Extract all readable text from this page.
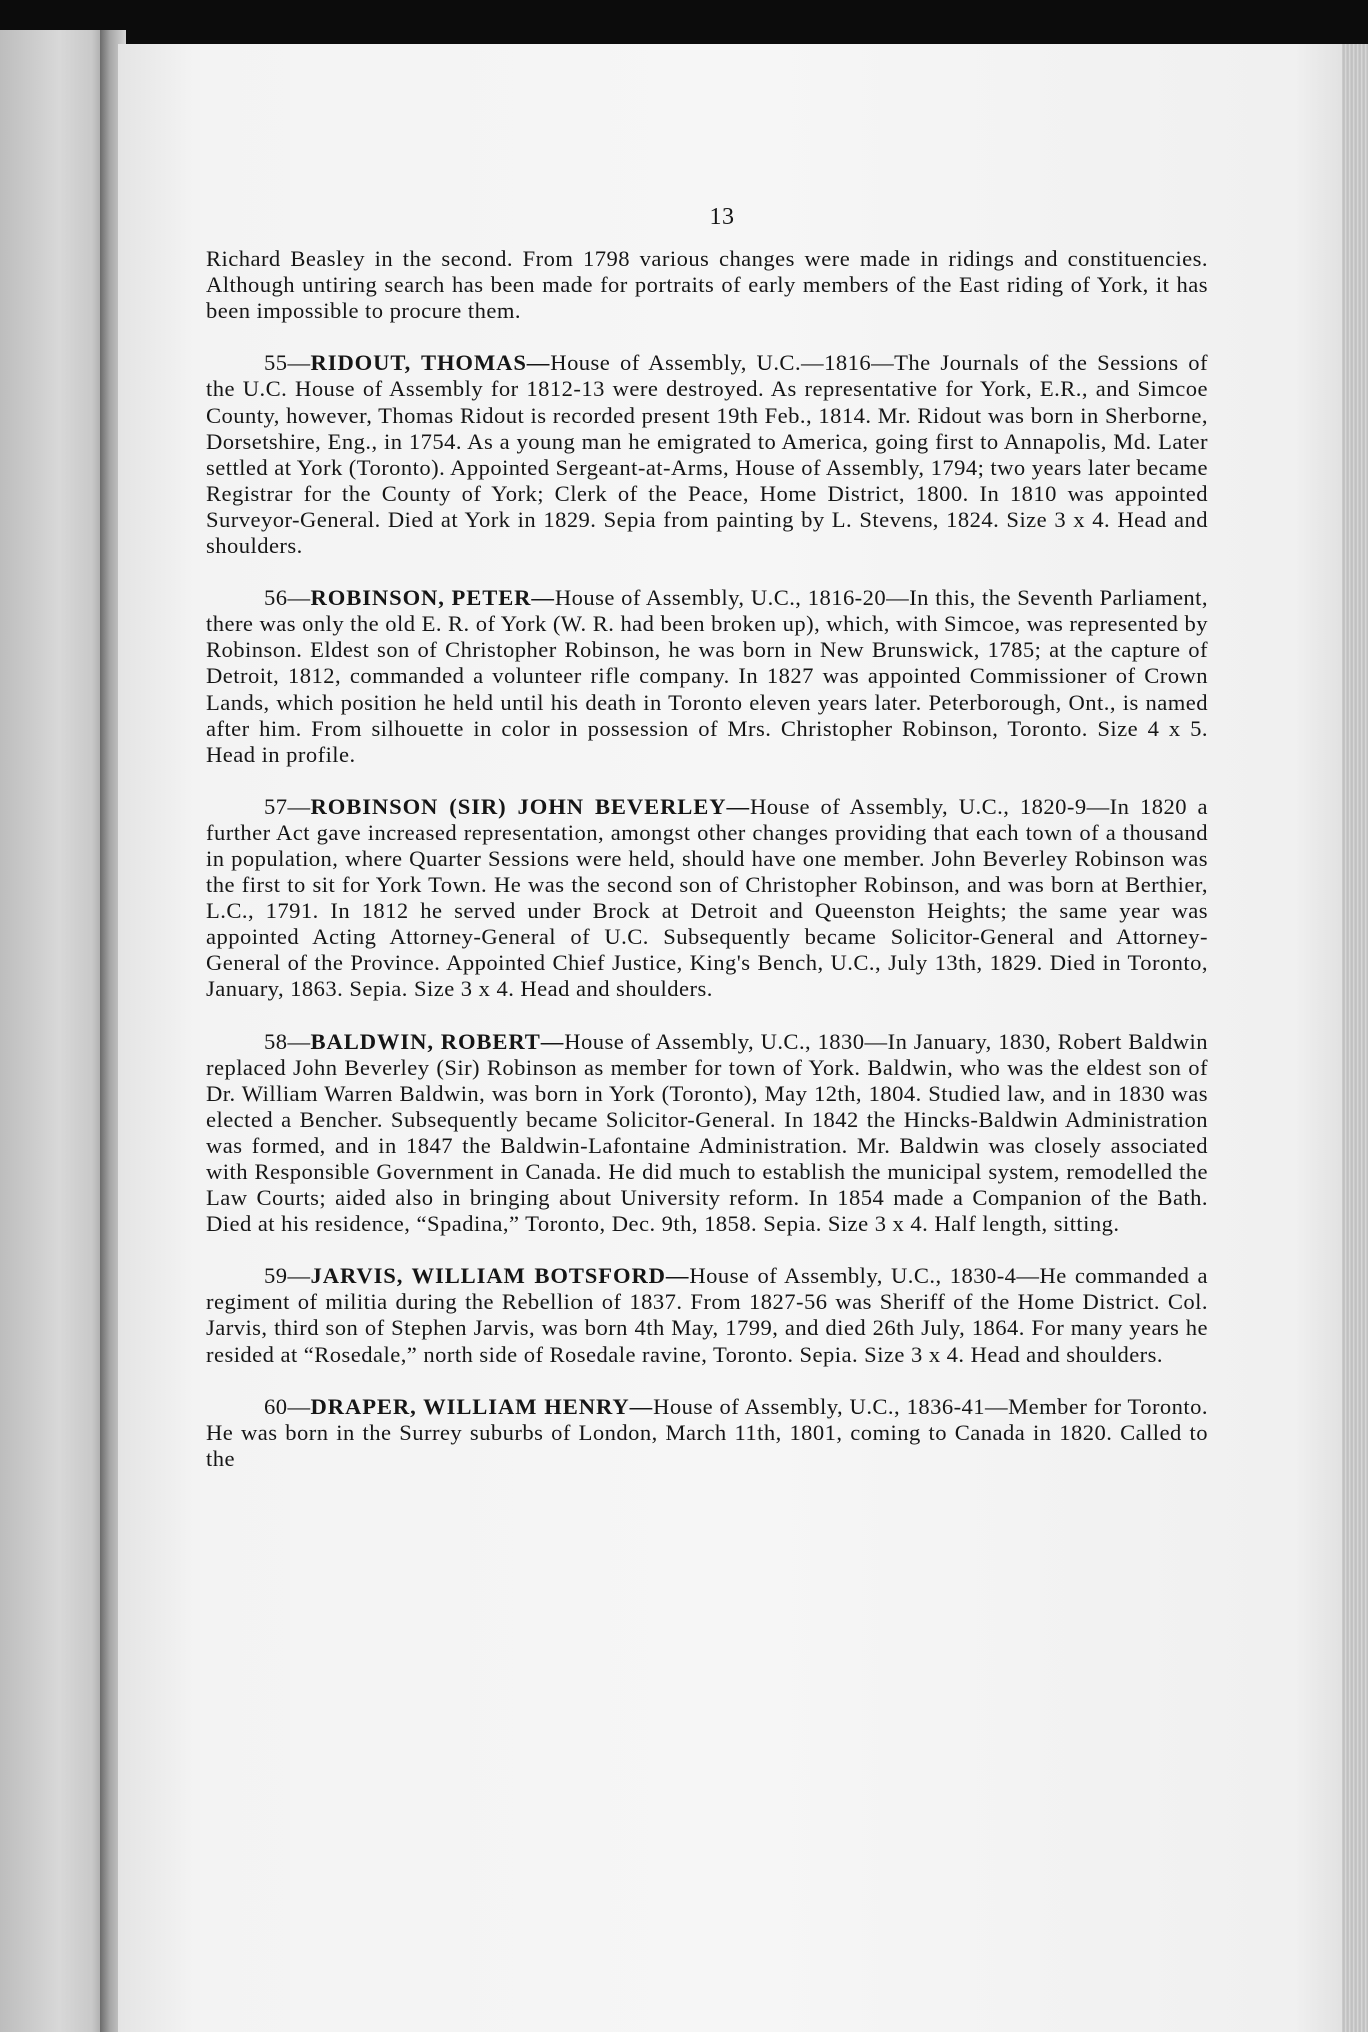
13

Richard Beasley in the second. From 1798 various changes were made in ridings and constituencies. Although untiring search has been made for portraits of early members of the East riding of York, it has been impossible to procure them.

55—RIDOUT, THOMAS—House of Assembly, U.C.—1816—The Journals of the Sessions of the U.C. House of Assembly for 1812-13 were destroyed. As representative for York, E.R., and Simcoe County, however, Thomas Ridout is recorded present 19th Feb., 1814. Mr. Ridout was born in Sherborne, Dorsetshire, Eng., in 1754. As a young man he emigrated to America, going first to Annapolis, Md. Later settled at York (Toronto). Appointed Sergeant-at-Arms, House of Assembly, 1794; two years later became Registrar for the County of York; Clerk of the Peace, Home District, 1800. In 1810 was appointed Surveyor-General. Died at York in 1829. Sepia from painting by L. Stevens, 1824. Size 3 x 4. Head and shoulders.

56—ROBINSON, PETER—House of Assembly, U.C., 1816-20—In this, the Seventh Parliament, there was only the old E. R. of York (W. R. had been broken up), which, with Simcoe, was represented by Robinson. Eldest son of Christopher Robinson, he was born in New Brunswick, 1785; at the capture of Detroit, 1812, commanded a volunteer rifle company. In 1827 was appointed Commissioner of Crown Lands, which position he held until his death in Toronto eleven years later. Peterborough, Ont., is named after him. From silhouette in color in possession of Mrs. Christopher Robinson, Toronto. Size 4 x 5. Head in profile.

57—ROBINSON (SIR) JOHN BEVERLEY—House of Assembly, U.C., 1820-9—In 1820 a further Act gave increased representation, amongst other changes providing that each town of a thousand in population, where Quarter Sessions were held, should have one member. John Beverley Robinson was the first to sit for York Town. He was the second son of Christopher Robinson, and was born at Berthier, L.C., 1791. In 1812 he served under Brock at Detroit and Queenston Heights; the same year was appointed Acting Attorney-General of U.C. Subsequently became Solicitor-General and Attorney-General of the Province. Appointed Chief Justice, King's Bench, U.C., July 13th, 1829. Died in Toronto, January, 1863. Sepia. Size 3 x 4. Head and shoulders.

58—BALDWIN, ROBERT—House of Assembly, U.C., 1830—In January, 1830, Robert Baldwin replaced John Beverley (Sir) Robinson as member for town of York. Baldwin, who was the eldest son of Dr. William Warren Baldwin, was born in York (Toronto), May 12th, 1804. Studied law, and in 1830 was elected a Bencher. Subsequently became Solicitor-General. In 1842 the Hincks-Baldwin Administration was formed, and in 1847 the Baldwin-Lafontaine Administration. Mr. Baldwin was closely associated with Responsible Government in Canada. He did much to establish the municipal system, remodelled the Law Courts; aided also in bringing about University reform. In 1854 made a Companion of the Bath. Died at his residence, “Spadina,” Toronto, Dec. 9th, 1858. Sepia. Size 3 x 4. Half length, sitting.

59—JARVIS, WILLIAM BOTSFORD—House of Assembly, U.C., 1830-4—He commanded a regiment of militia during the Rebellion of 1837. From 1827-56 was Sheriff of the Home District. Col. Jarvis, third son of Stephen Jarvis, was born 4th May, 1799, and died 26th July, 1864. For many years he resided at “Rosedale,” north side of Rosedale ravine, Toronto. Sepia. Size 3 x 4. Head and shoulders.

60—DRAPER, WILLIAM HENRY—House of Assembly, U.C., 1836-41—Member for Toronto. He was born in the Surrey suburbs of London, March 11th, 1801, coming to Canada in 1820. Called to the
